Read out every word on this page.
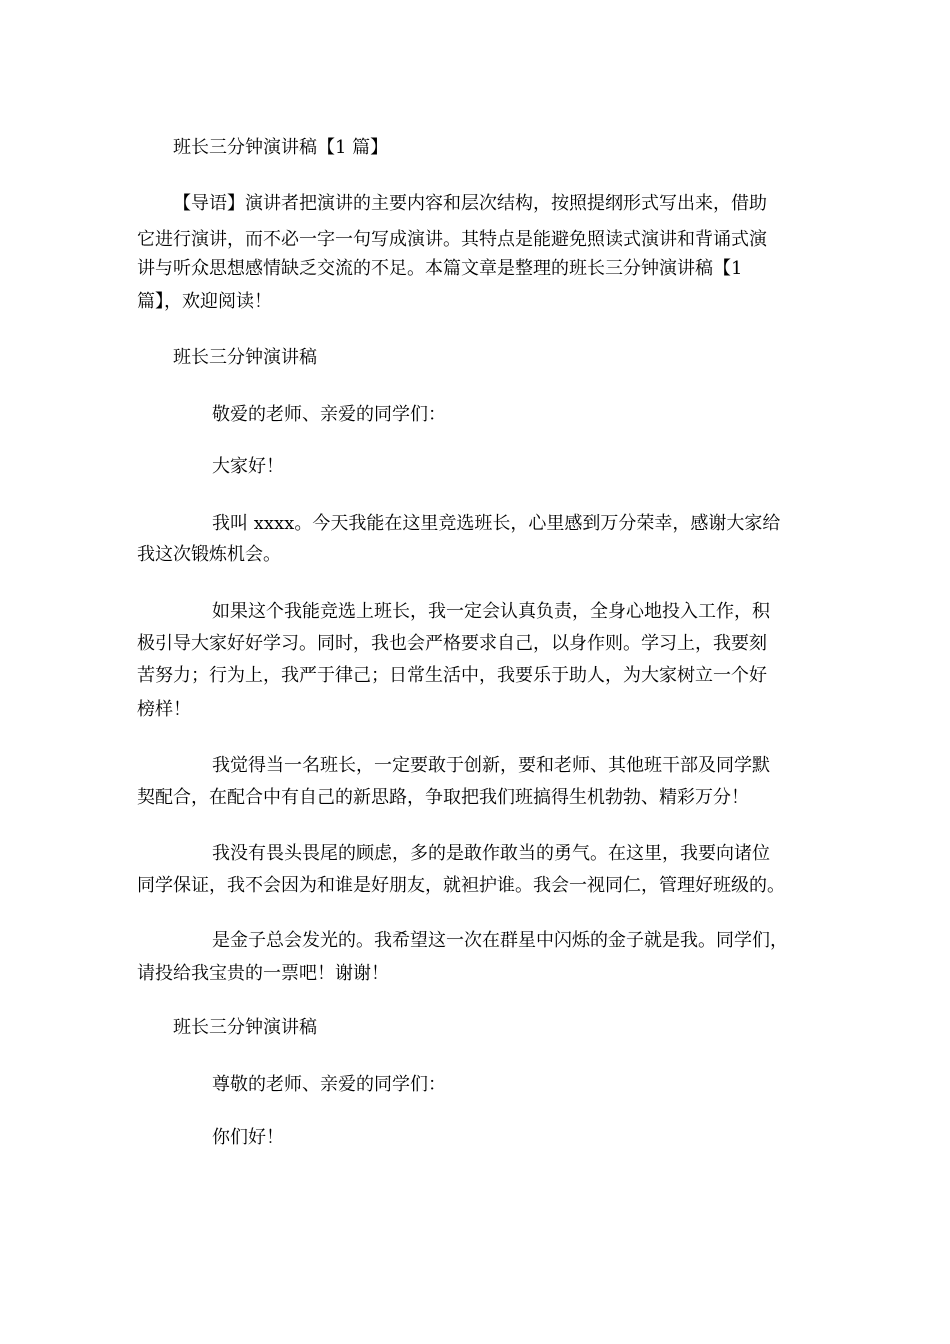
班长三分钟演讲稿【1 篇】

【导语】演讲者把演讲的主要内容和层次结构，按照提纲形式写出来，借助

它进行演讲，而不必一字一句写成演讲。其特点是能避免照读式演讲和背诵式演

讲与听众思想感情缺乏交流的不足。本篇文章是整理的班长三分钟演讲稿【1

篇】，欢迎阅读！

班长三分钟演讲稿

敬爱的老师、亲爱的同学们：

大家好！

我叫 xxxx。今天我能在这里竞选班长，心里感到万分荣幸，感谢大家给

我这次锻炼机会。

如果这个我能竞选上班长，我一定会认真负责，全身心地投入工作，积

极引导大家好好学习。同时，我也会严格要求自己，以身作则。学习上，我要刻

苦努力；行为上，我严于律己；日常生活中，我要乐于助人，为大家树立一个好

榜样！

我觉得当一名班长，一定要敢于创新，要和老师、其他班干部及同学默

契配合，在配合中有自己的新思路，争取把我们班搞得生机勃勃、精彩万分！

我没有畏头畏尾的顾虑，多的是敢作敢当的勇气。在这里，我要向诸位

同学保证，我不会因为和谁是好朋友，就袒护谁。我会一视同仁，管理好班级的。

是金子总会发光的。我希望这一次在群星中闪烁的金子就是我。同学们，

请投给我宝贵的一票吧！谢谢！

班长三分钟演讲稿

尊敬的老师、亲爱的同学们：

你们好！
